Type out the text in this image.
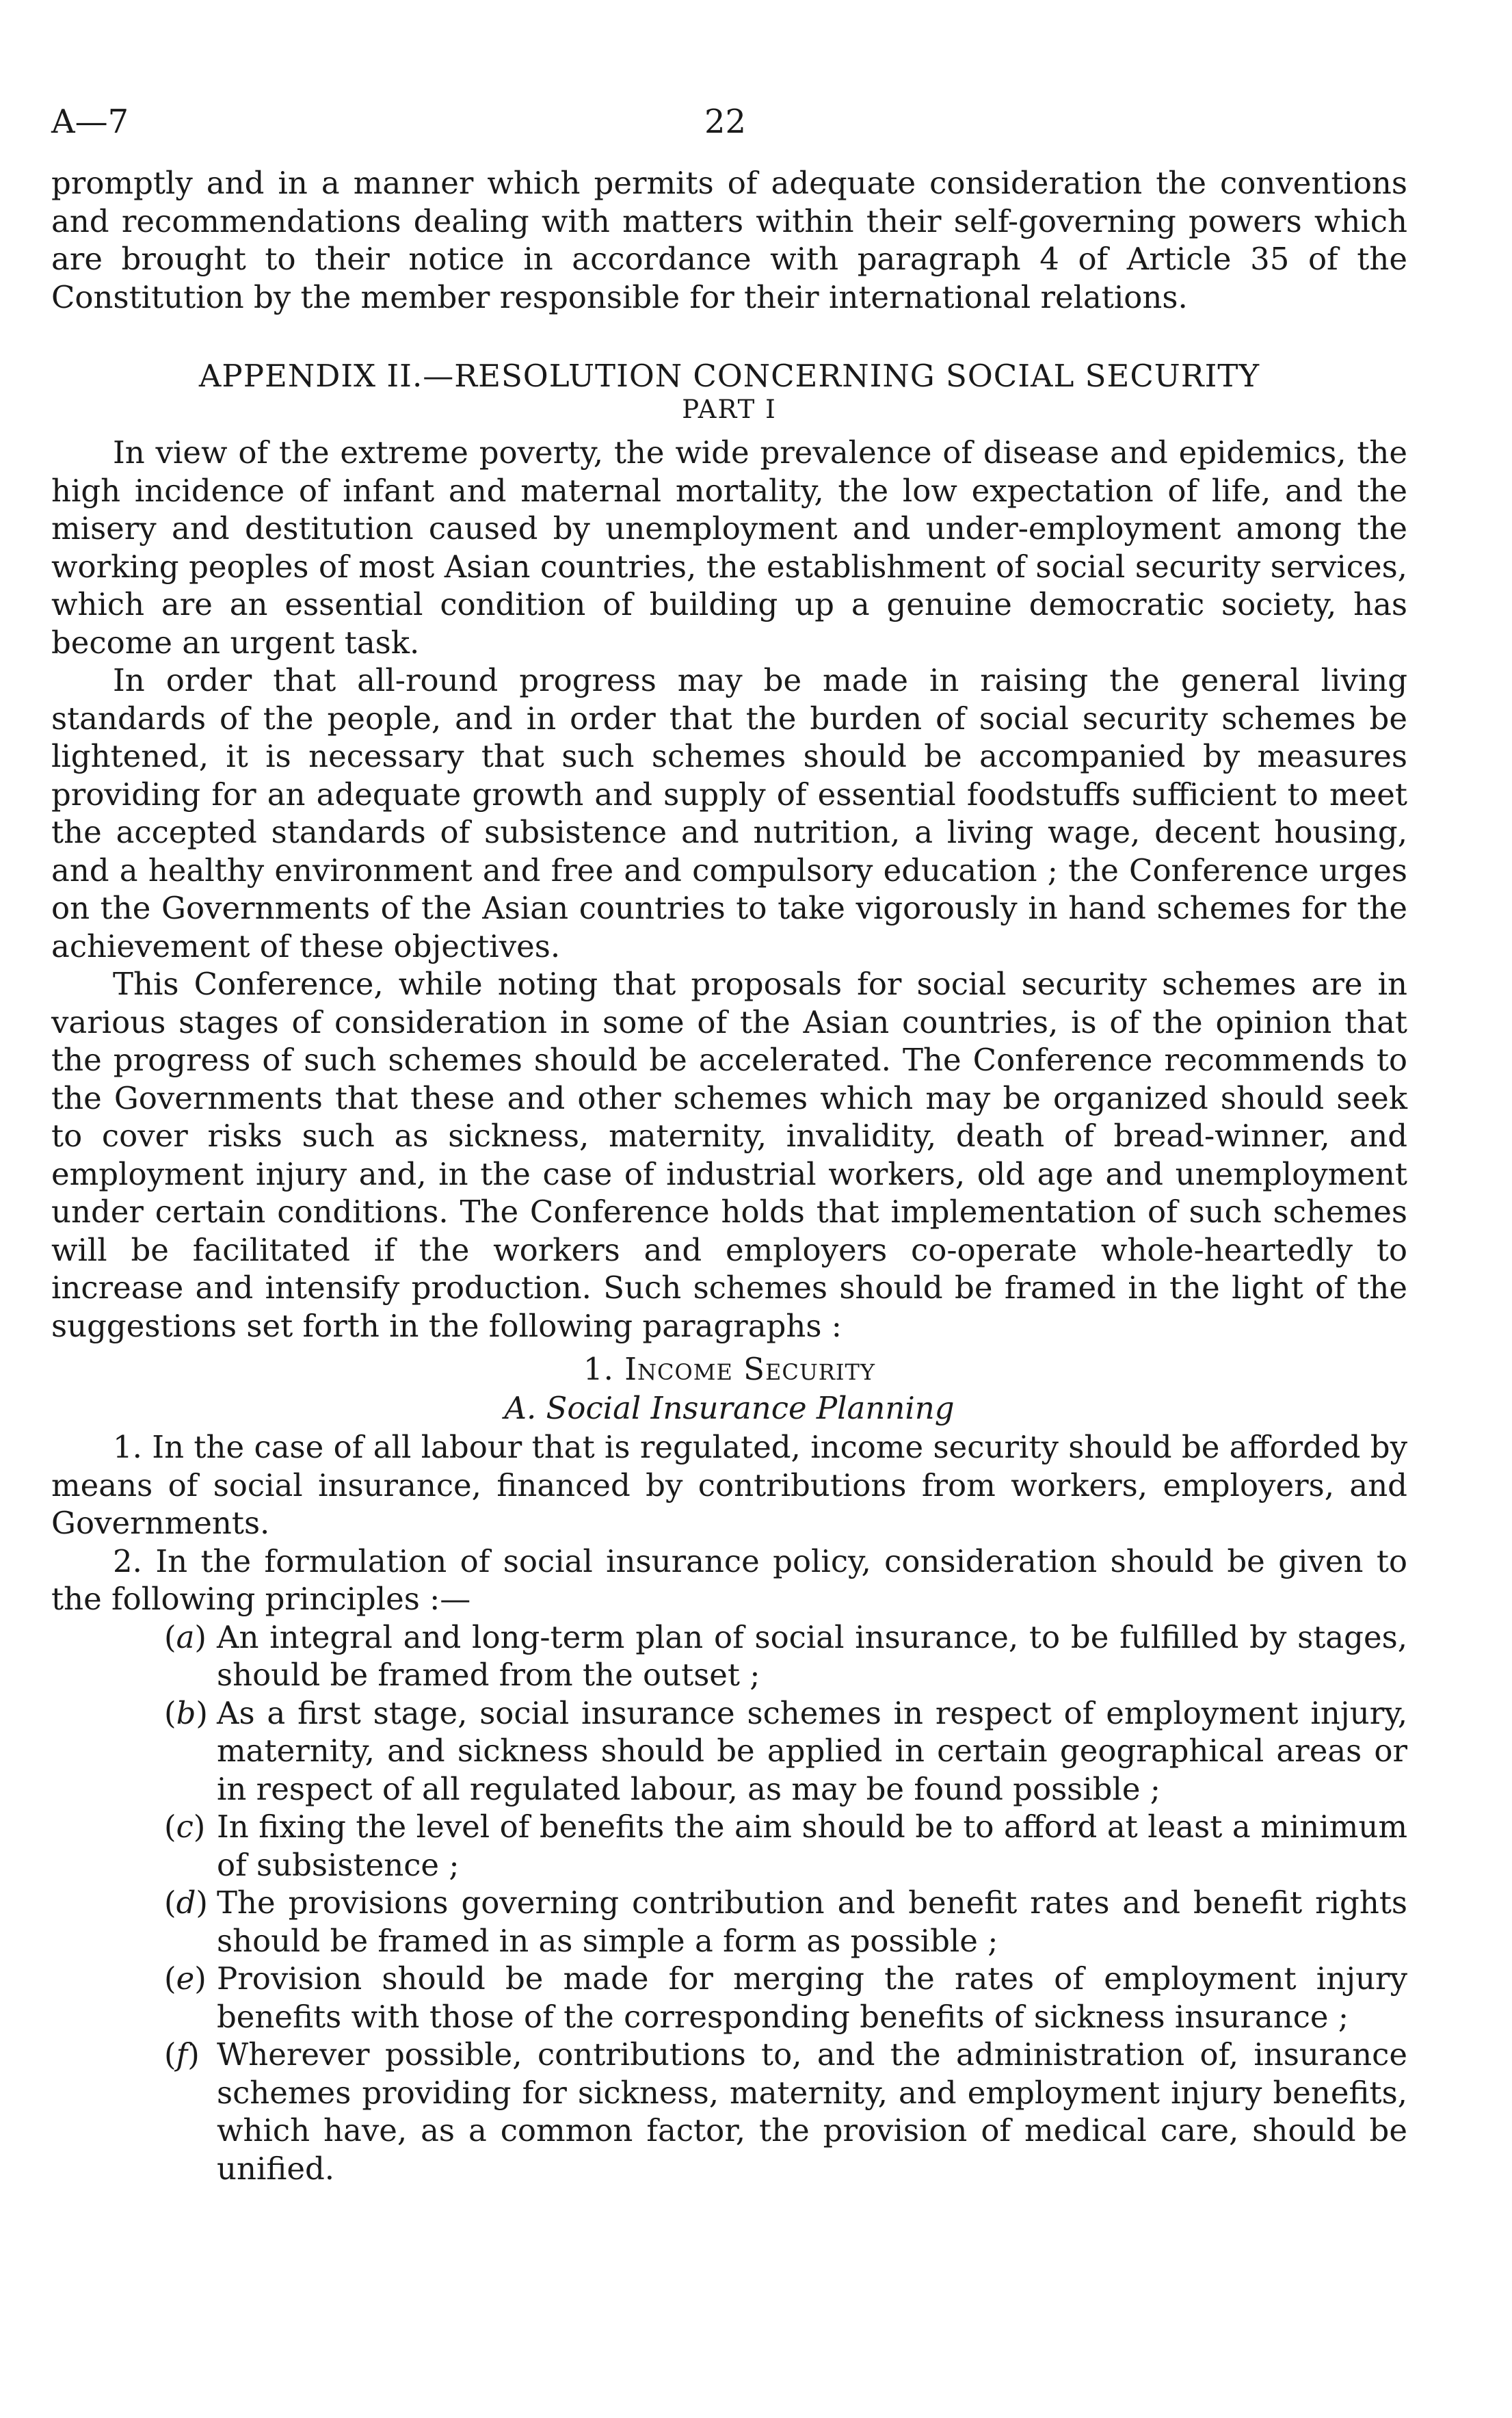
A—7	22

promptly and in a manner which permits of adequate consideration the conventions and recommendations dealing with matters within their self-governing powers which are brought to their notice in accordance with paragraph 4 of Article 35 of the Constitution by the member responsible for their international relations.

APPENDIX II.—RESOLUTION CONCERNING SOCIAL SECURITY
PART I

In view of the extreme poverty, the wide prevalence of disease and epidemics, the high incidence of infant and maternal mortality, the low expectation of life, and the misery and destitution caused by unemployment and under-employment among the working peoples of most Asian countries, the establishment of social security services, which are an essential condition of building up a genuine democratic society, has become an urgent task.

In order that all-round progress may be made in raising the general living standards of the people, and in order that the burden of social security schemes be lightened, it is necessary that such schemes should be accompanied by measures providing for an adequate growth and supply of essential foodstuffs sufficient to meet the accepted standards of subsistence and nutrition, a living wage, decent housing, and a healthy environment and free and compulsory education ; the Conference urges on the Governments of the Asian countries to take vigorously in hand schemes for the achievement of these objectives.

This Conference, while noting that proposals for social security schemes are in various stages of consideration in some of the Asian countries, is of the opinion that the progress of such schemes should be accelerated. The Conference recommends to the Governments that these and other schemes which may be organized should seek to cover risks such as sickness, maternity, invalidity, death of bread-winner, and employment injury and, in the case of industrial workers, old age and unemployment under certain conditions. The Conference holds that implementation of such schemes will be facilitated if the workers and employers co-operate whole-heartedly to increase and intensify production. Such schemes should be framed in the light of the suggestions set forth in the following paragraphs :

1. Income Security
A. Social Insurance Planning

1. In the case of all labour that is regulated, income security should be afforded by means of social insurance, financed by contributions from workers, employers, and Governments.

2. In the formulation of social insurance policy, consideration should be given to the following principles :—

(a) An integral and long-term plan of social insurance, to be fulfilled by stages, should be framed from the outset ;
(b) As a first stage, social insurance schemes in respect of employment injury, maternity, and sickness should be applied in certain geographical areas or in respect of all regulated labour, as may be found possible ;
(c) In fixing the level of benefits the aim should be to afford at least a minimum of subsistence ;
(d) The provisions governing contribution and benefit rates and benefit rights should be framed in as simple a form as possible ;
(e) Provision should be made for merging the rates of employment injury benefits with those of the corresponding benefits of sickness insurance ;
(f) Wherever possible, contributions to, and the administration of, insurance schemes providing for sickness, maternity, and employment injury benefits, which have, as a common factor, the provision of medical care, should be unified.
